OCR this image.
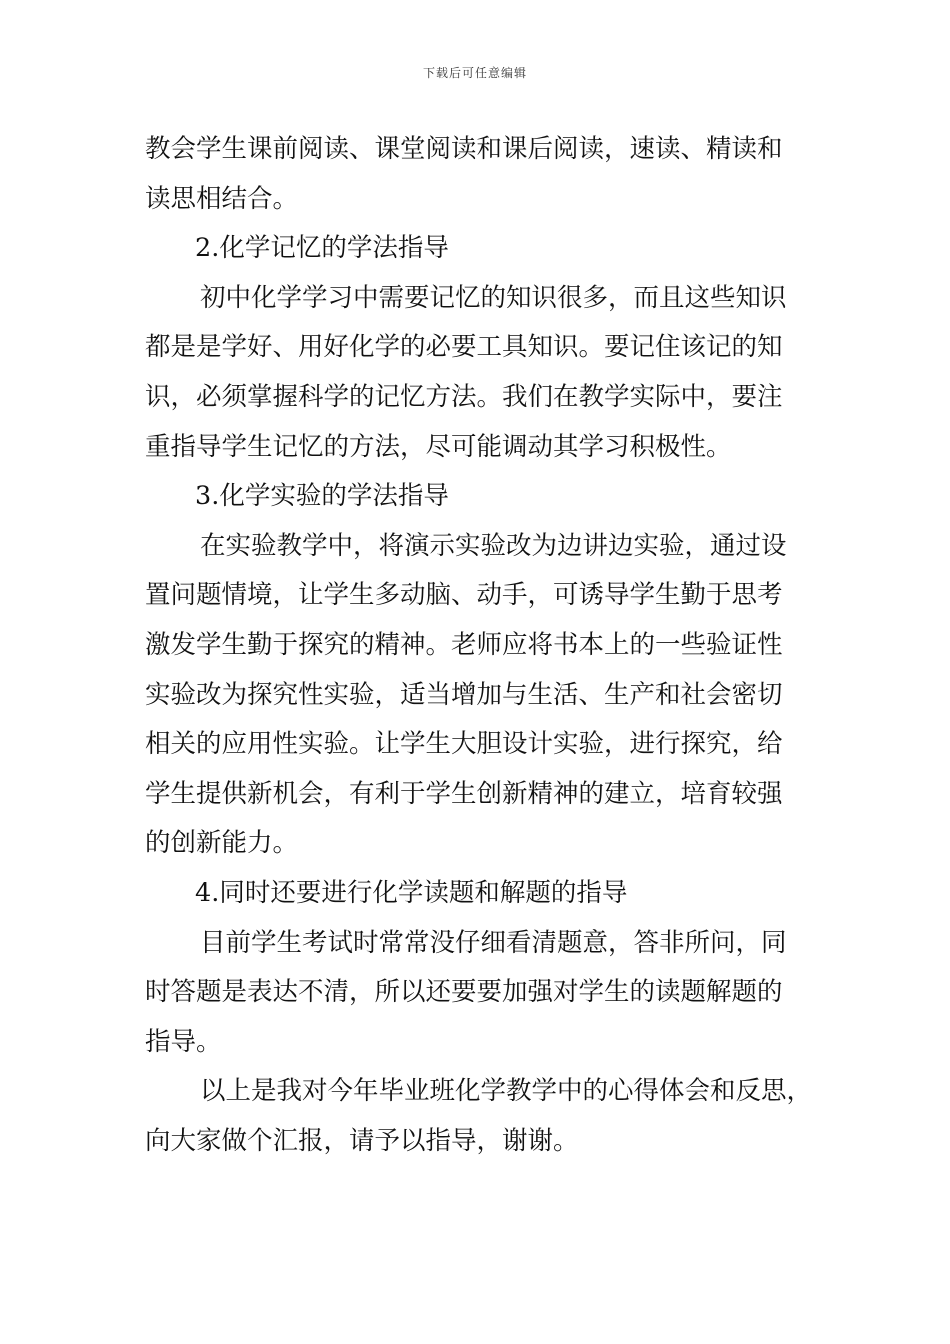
下载后可任意编辑
教会学生课前阅读、课堂阅读和课后阅读，速读、精读和
读思相结合。
2.化学记忆的学法指导
初中化学学习中需要记忆的知识很多，而且这些知识
都是是学好、用好化学的必要工具知识。要记住该记的知
识，必须掌握科学的记忆方法。我们在教学实际中，要注
重指导学生记忆的方法，尽可能调动其学习积极性。
3.化学实验的学法指导
在实验教学中，将演示实验改为边讲边实验，通过设
置问题情境，让学生多动脑、动手，可诱导学生勤于思考
激发学生勤于探究的精神。老师应将书本上的一些验证性
实验改为探究性实验，适当增加与生活、生产和社会密切
相关的应用性实验。让学生大胆设计实验，进行探究，给
学生提供新机会，有利于学生创新精神的建立，培育较强
的创新能力。
4.同时还要进行化学读题和解题的指导
目前学生考试时常常没仔细看清题意，答非所问，同
时答题是表达不清，所以还要要加强对学生的读题解题的
指导。
以上是我对今年毕业班化学教学中的心得体会和反思，
向大家做个汇报，请予以指导，谢谢。
